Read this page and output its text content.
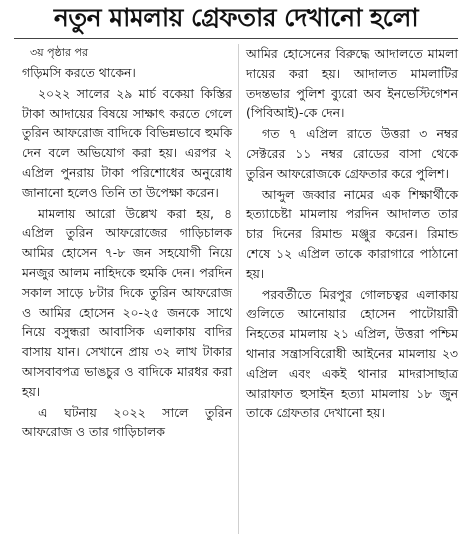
নতুন মামলায় গ্রেফতার দেখানো হলো

৩য় পৃষ্ঠার পর

গড়িমসি করতে থাকেন।

২০২২ সালের ২৯ মার্চ বকেয়া কিস্তির টাকা আদায়ের বিষয়ে সাক্ষাৎ করতে গেলে তুরিন আফরোজ বাদিকে বিভিন্নভাবে হুমকি দেন বলে অভিযোগ করা হয়। এরপর ২ এপ্রিল পুনরায় টাকা পরিশোধের অনুরোধ জানানো হলেও তিনি তা উপেক্ষা করেন।

মামলায় আরো উল্লেখ করা হয়, ৪ এপ্রিল তুরিন আফরোজের গাড়িচালক আমির হোসেন ৭-৮ জন সহযোগী নিয়ে মনজুর আলম নাহিদকে হুমকি দেন। পরদিন সকাল সাড়ে ৮টার দিকে তুরিন আফরোজ ও আমির হোসেন ২০-২৫ জনকে সাথে নিয়ে বসুন্ধরা আবাসিক এলাকায় বাদির বাসায় যান। সেখানে প্রায় ৩২ লাখ টাকার আসবাবপত্র ভাঙচুর ও বাদিকে মারধর করা হয়।

এ ঘটনায় ২০২২ সালে তুরিন আফরোজ ও তার গাড়িচালক

আমির হোসেনের বিরুদ্ধে আদালতে মামলা দায়ের করা হয়। আদালত মামলাটির তদন্তভার পুলিশ ব্যুরো অব ইনভেস্টিগেশন (পিবিআই)-কে দেন।

গত ৭ এপ্রিল রাতে উত্তরা ৩ নম্বর সেক্টরের ১১ নম্বর রোডের বাসা থেকে তুরিন আফরোজকে গ্রেফতার করে পুলিশ।

আব্দুল জব্বার নামের এক শিক্ষার্থীকে হত্যাচেষ্টা মামলায় পরদিন আদালত তার চার দিনের রিমান্ড মঞ্জুর করেন। রিমান্ড শেষে ১২ এপ্রিল তাকে কারাগারে পাঠানো হয়।

পরবর্তীতে মিরপুর গোলচত্বর এলাকায় গুলিতে আনোয়ার হোসেন পাটোয়ারী নিহতের মামলায় ২১ এপ্রিল, উত্তরা পশ্চিম থানার সন্ত্রাসবিরোধী আইনের মামলায় ২৩ এপ্রিল এবং একই থানার মাদরাসাছাত্র আরাফাত হুসাইন হত্যা মামলায় ১৮ জুন তাকে গ্রেফতার দেখানো হয়।
